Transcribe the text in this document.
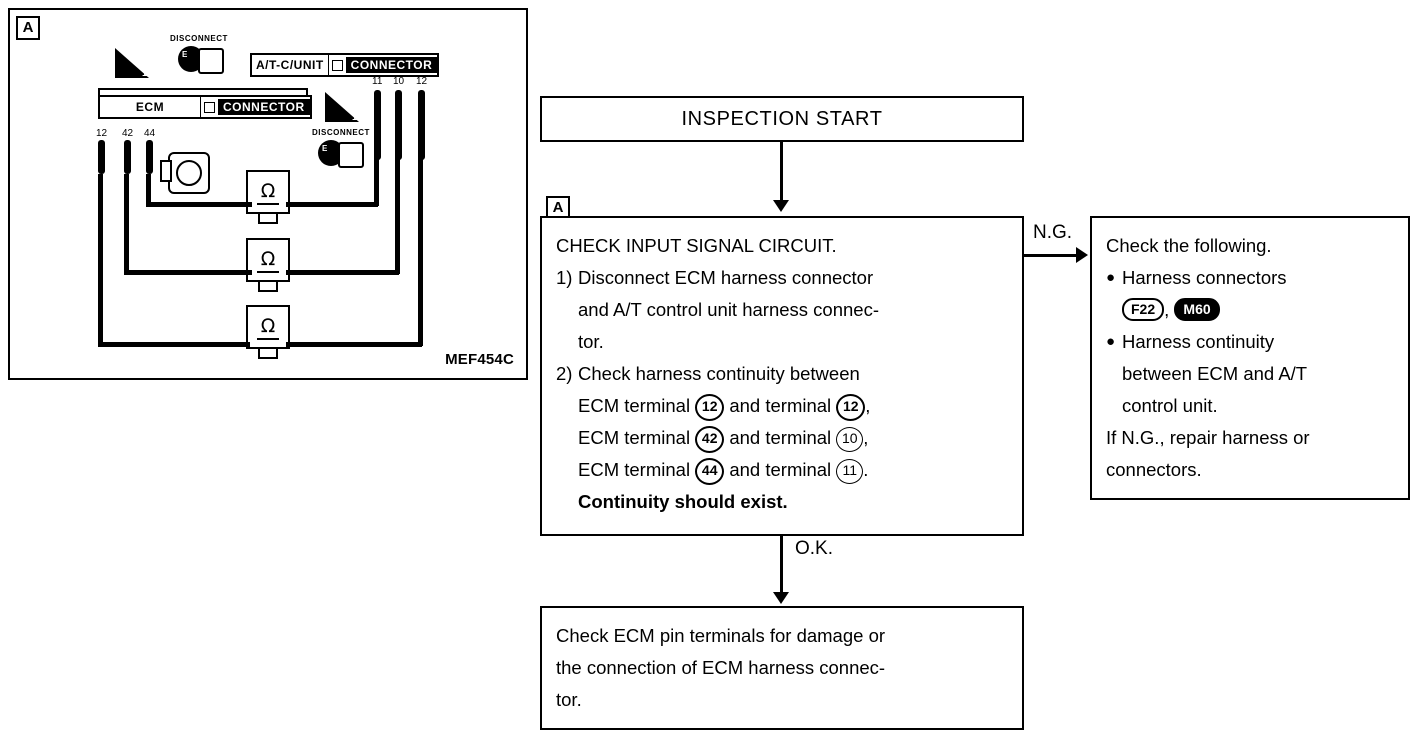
A
1
DISCONNECT
E
A/T-C/UNIT	CONNECTOR
ECM	CONNECTOR
1
DISCONNECT
E
12 42 44
11 10 12
Ω
Ω
Ω
MEF454C
INSPECTION START
A
CHECK INPUT SIGNAL CIRCUIT.
1) Disconnect ECM harness connector
and A/T control unit harness connec-
tor.
2) Check harness continuity between
ECM terminal 12 and terminal 12 ,
ECM terminal 42 and terminal 10 ,
ECM terminal 44 and terminal 11 .
Continuity should exist.
N.G.
Check the following.
● Harness connectors
F22 , M60
● Harness continuity
between ECM and A/T
control unit.
If N.G., repair harness or
connectors.
O.K.
Check ECM pin terminals for damage or
the connection of ECM harness connec-
tor.
